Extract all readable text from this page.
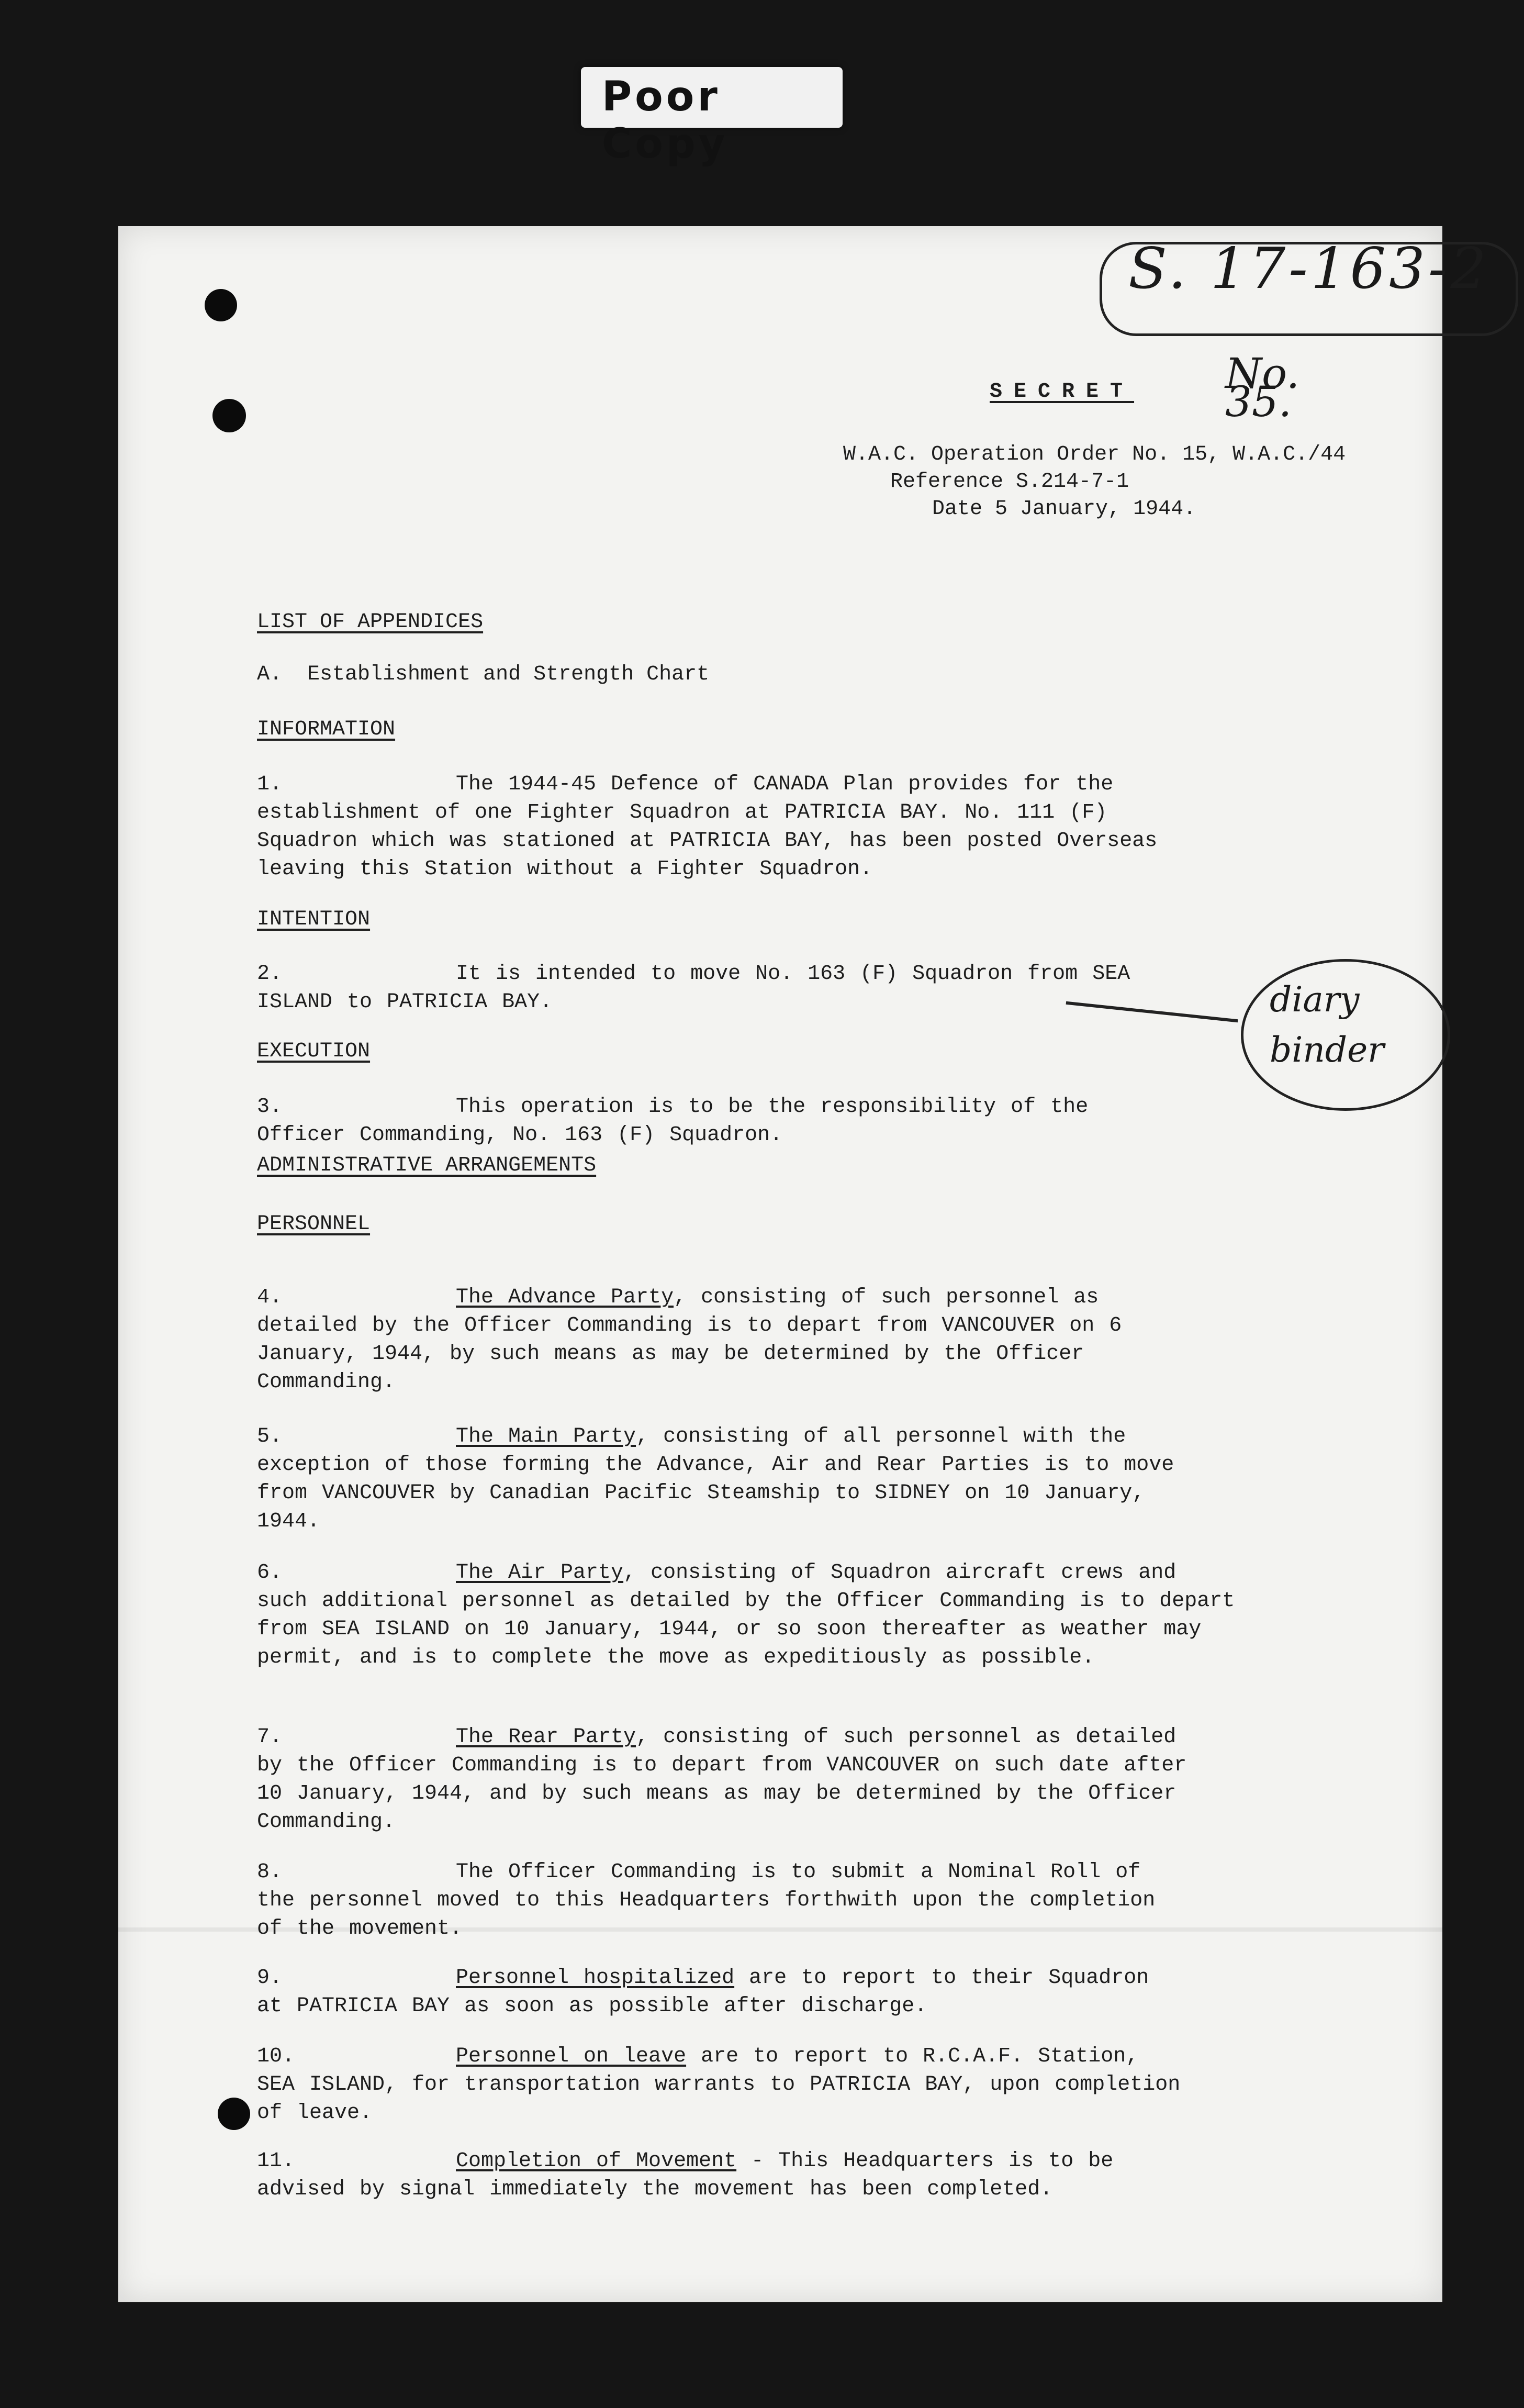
Poor Copy
S. 17-163-2
No. 35.
SECRET
W.A.C. Operation Order No. 15, W.A.C./44
Reference S.214-7-1
Date 5 January, 1944.
LIST OF APPENDICES
A.  Establishment and Strength Chart
INFORMATION
1.	The 1944-45 Defence of CANADA Plan provides for the establishment of one Fighter Squadron at PATRICIA BAY. No. 111 (F) Squadron which was stationed at PATRICIA BAY, has been posted Overseas leaving this Station without a Fighter Squadron.
INTENTION
2.	It is intended to move No. 163 (F) Squadron from SEA ISLAND to PATRICIA BAY.
EXECUTION
3.	This operation is to be the responsibility of the Officer Commanding, No. 163 (F) Squadron.
ADMINISTRATIVE ARRANGEMENTS
PERSONNEL
4.	The Advance Party, consisting of such personnel as detailed by the Officer Commanding is to depart from VANCOUVER on 6 January, 1944, by such means as may be determined by the Officer Commanding.
5.	The Main Party, consisting of all personnel with the exception of those forming the Advance, Air and Rear Parties is to move from VANCOUVER by Canadian Pacific Steamship to SIDNEY on 10 January, 1944.
6.	The Air Party, consisting of Squadron aircraft crews and such additional personnel as detailed by the Officer Commanding is to depart from SEA ISLAND on 10 January, 1944, or so soon thereafter as weather may permit, and is to complete the move as expeditiously as possible.
7.	The Rear Party, consisting of such personnel as detailed by the Officer Commanding is to depart from VANCOUVER on such date after 10 January, 1944, and by such means as may be determined by the Officer Commanding.
8.	The Officer Commanding is to submit a Nominal Roll of the personnel moved to this Headquarters forthwith upon the completion of the movement.
9.	Personnel hospitalized are to report to their Squadron at PATRICIA BAY as soon as possible after discharge.
10.	Personnel on leave are to report to R.C.A.F. Station, SEA ISLAND, for transportation warrants to PATRICIA BAY, upon completion of leave.
11.	Completion of Movement - This Headquarters is to be advised by signal immediately the movement has been completed.
diary
binder
